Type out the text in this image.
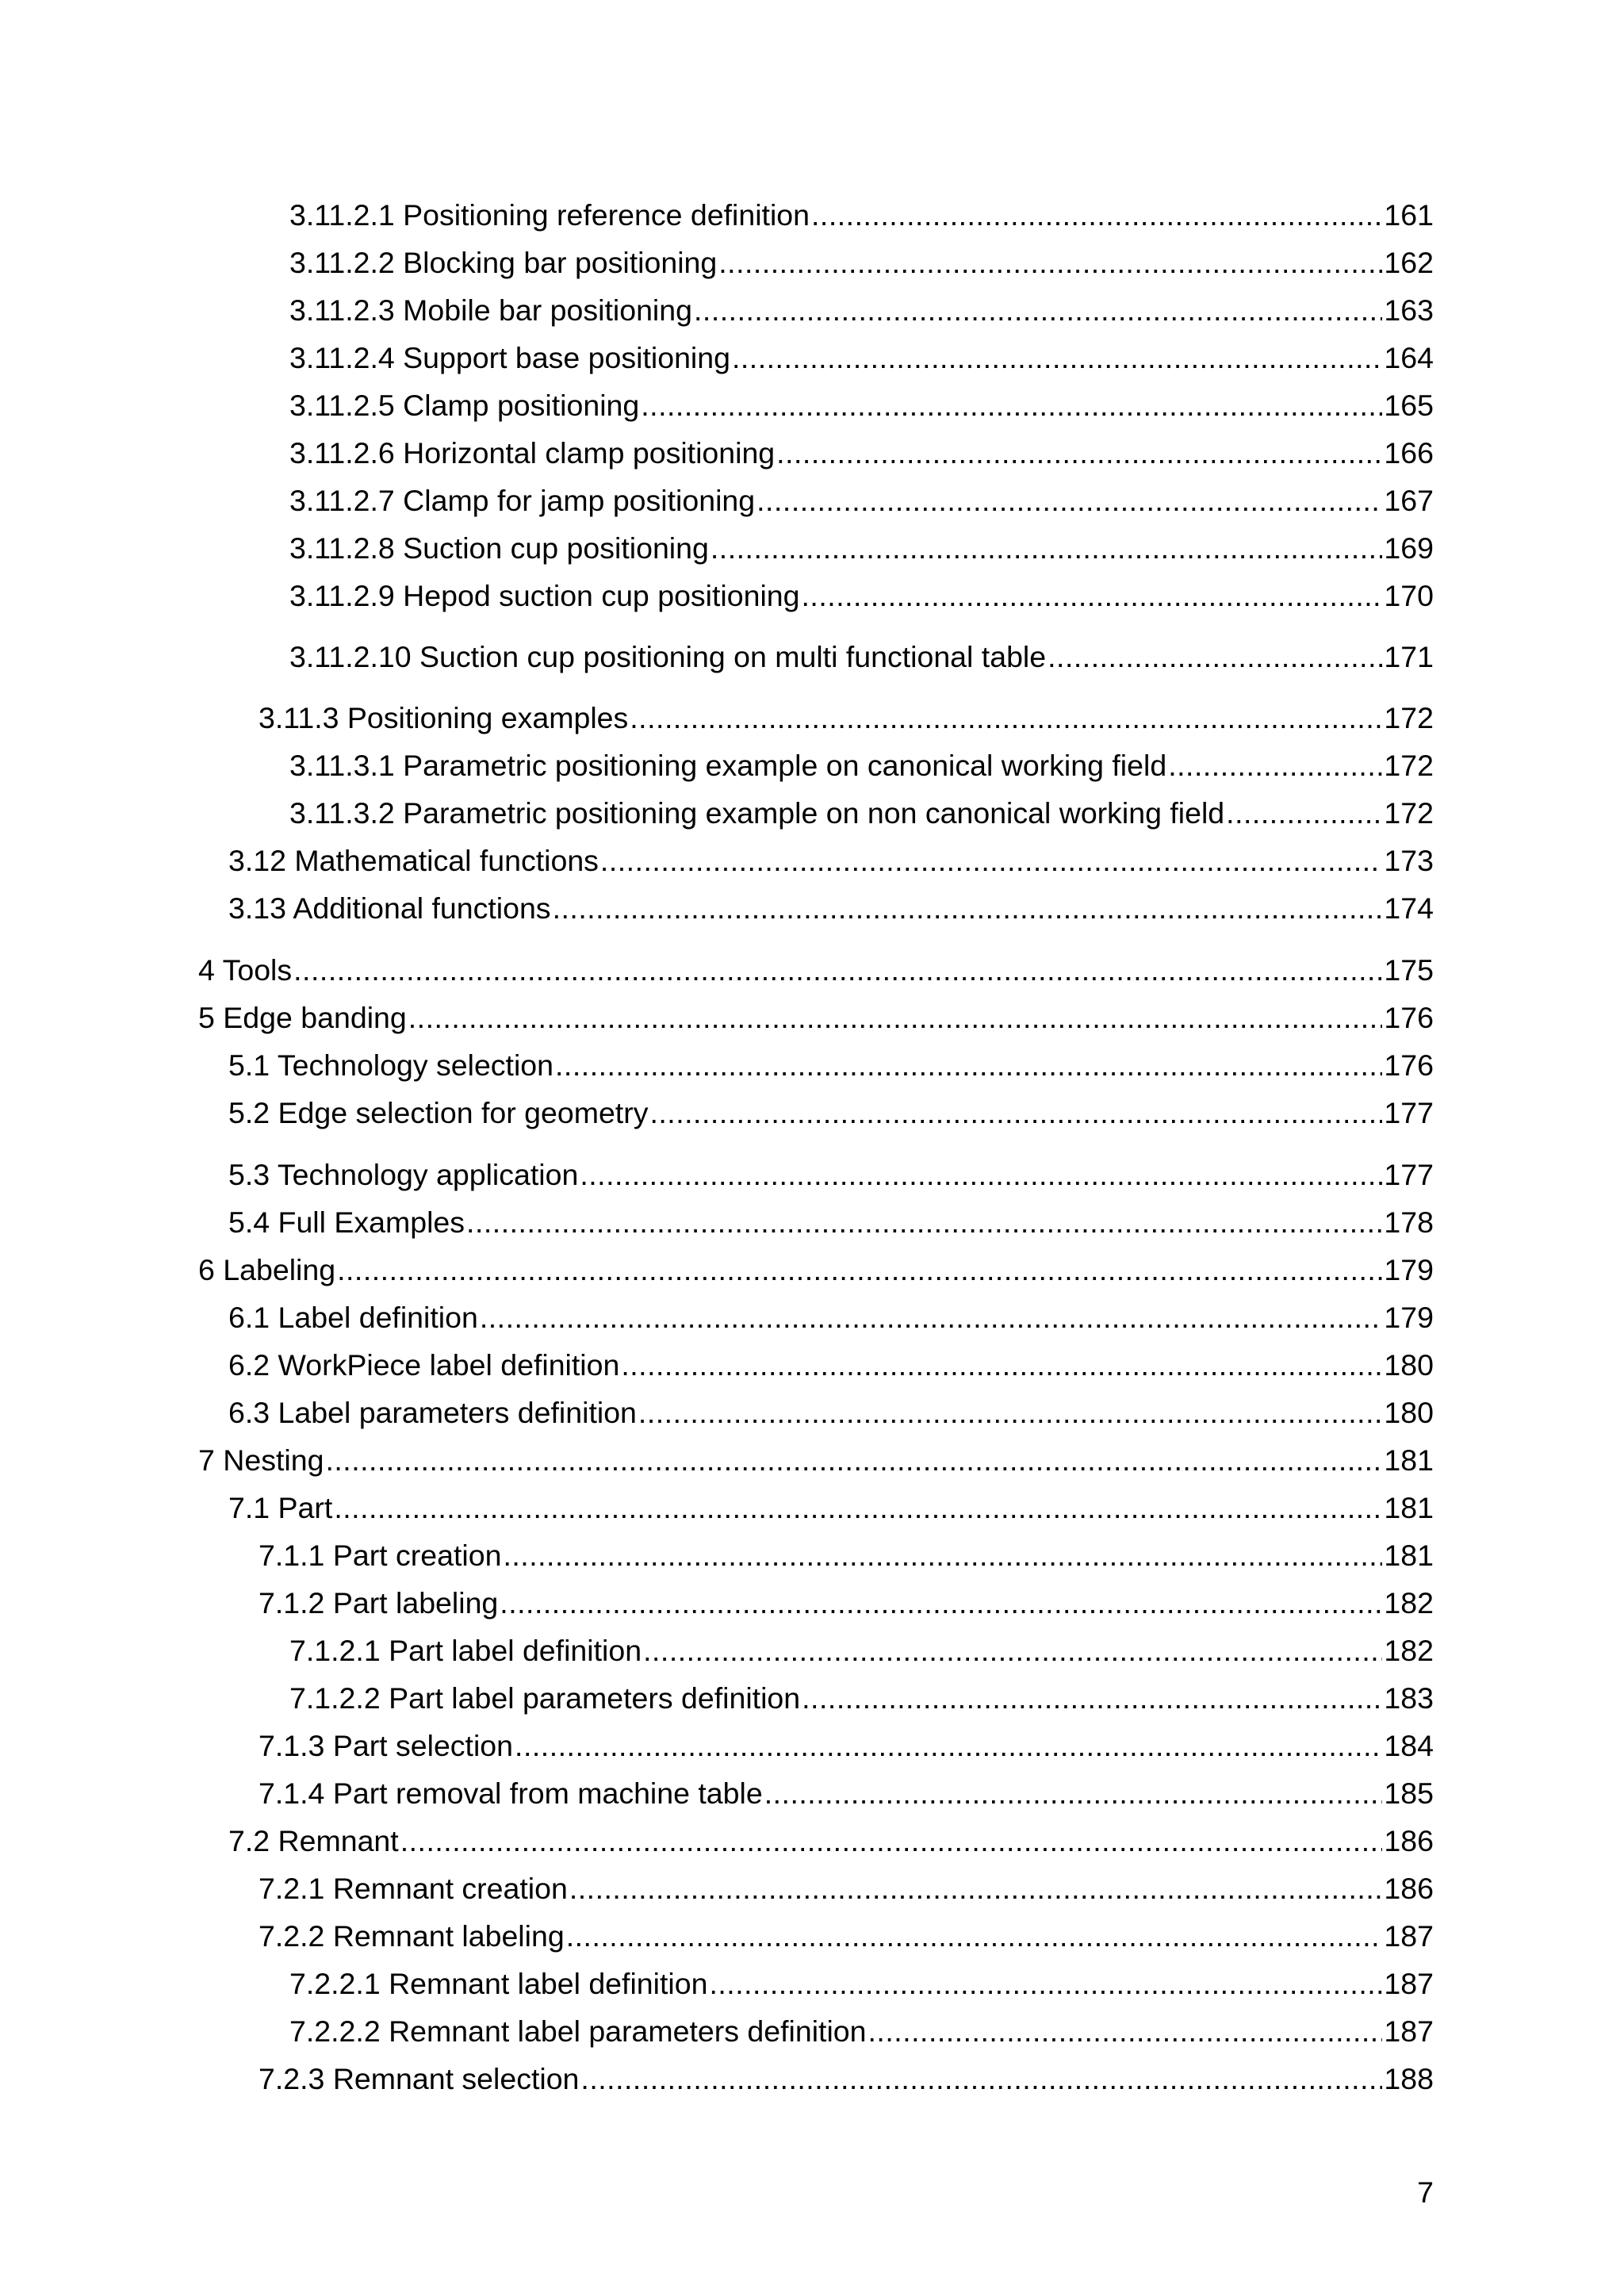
3.11.2.1 Positioning reference definition .....	161
3.11.2.2 Blocking bar positioning .....	162
3.11.2.3 Mobile bar positioning .....	163
3.11.2.4 Support base positioning .....	164
3.11.2.5 Clamp positioning .....	165
3.11.2.6 Horizontal clamp positioning .....	166
3.11.2.7 Clamp for jamp positioning .....	167
3.11.2.8 Suction cup positioning .....	169
3.11.2.9 Hepod suction cup positioning .....	170
3.11.2.10 Suction cup positioning on multi functional table .....	171
3.11.3 Positioning examples .....	172
3.11.3.1 Parametric positioning example on canonical working field .....	172
3.11.3.2 Parametric positioning example on non canonical working field .....	172
3.12 Mathematical functions .....	173
3.13 Additional functions .....	174
4 Tools .....	175
5 Edge banding .....	176
5.1 Technology selection .....	176
5.2 Edge selection for geometry .....	177
5.3 Technology application .....	177
5.4 Full Examples .....	178
6 Labeling .....	179
6.1 Label definition .....	179
6.2 WorkPiece label definition .....	180
6.3 Label parameters definition .....	180
7 Nesting .....	181
7.1 Part .....	181
7.1.1 Part creation .....	181
7.1.2 Part labeling .....	182
7.1.2.1 Part label definition .....	182
7.1.2.2 Part label parameters definition .....	183
7.1.3 Part selection .....	184
7.1.4 Part removal from machine table .....	185
7.2 Remnant .....	186
7.2.1 Remnant creation .....	186
7.2.2 Remnant labeling .....	187
7.2.2.1 Remnant label definition .....	187
7.2.2.2 Remnant label parameters definition .....	187
7.2.3 Remnant selection .....	188
7
